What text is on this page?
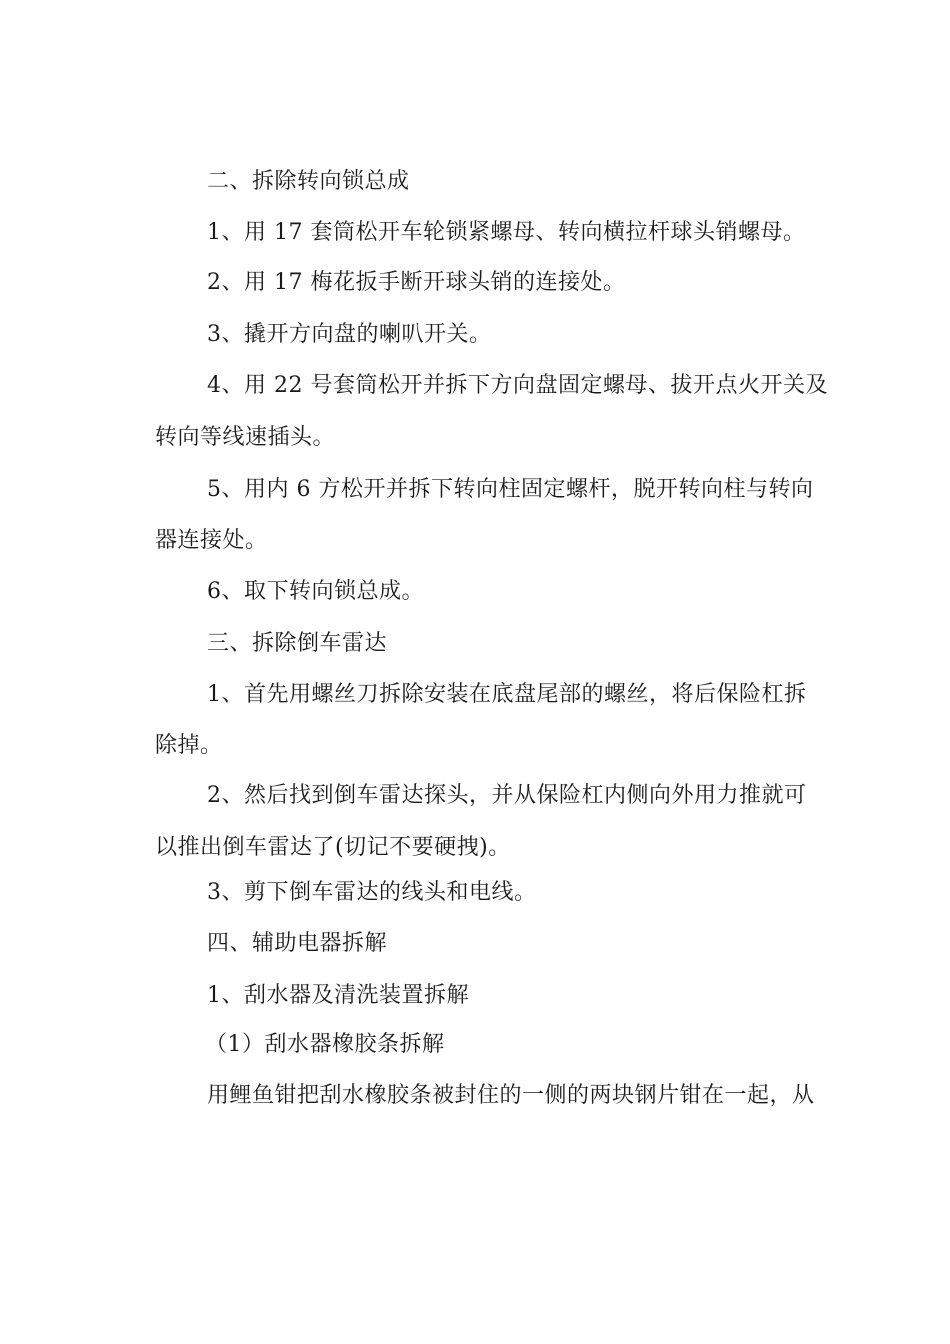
二、拆除转向锁总成
1、用 17 套筒松开车轮锁紧螺母、转向横拉杆球头销螺母。
2、用 17 梅花扳手断开球头销的连接处。
3、撬开方向盘的喇叭开关。
4、用 22 号套筒松开并拆下方向盘固定螺母、拔开点火开关及
转向等线速插头。
5、用内 6 方松开并拆下转向柱固定螺杆，脱开转向柱与转向
器连接处。
6、取下转向锁总成。
三、拆除倒车雷达
1、首先用螺丝刀拆除安装在底盘尾部的螺丝，将后保险杠拆
除掉。
2、然后找到倒车雷达探头，并从保险杠内侧向外用力推就可
以推出倒车雷达了(切记不要硬拽)。
3、剪下倒车雷达的线头和电线。
四、辅助电器拆解
1、刮水器及清洗装置拆解
（1）刮水器橡胶条拆解
用鲤鱼钳把刮水橡胶条被封住的一侧的两块钢片钳在一起，从
